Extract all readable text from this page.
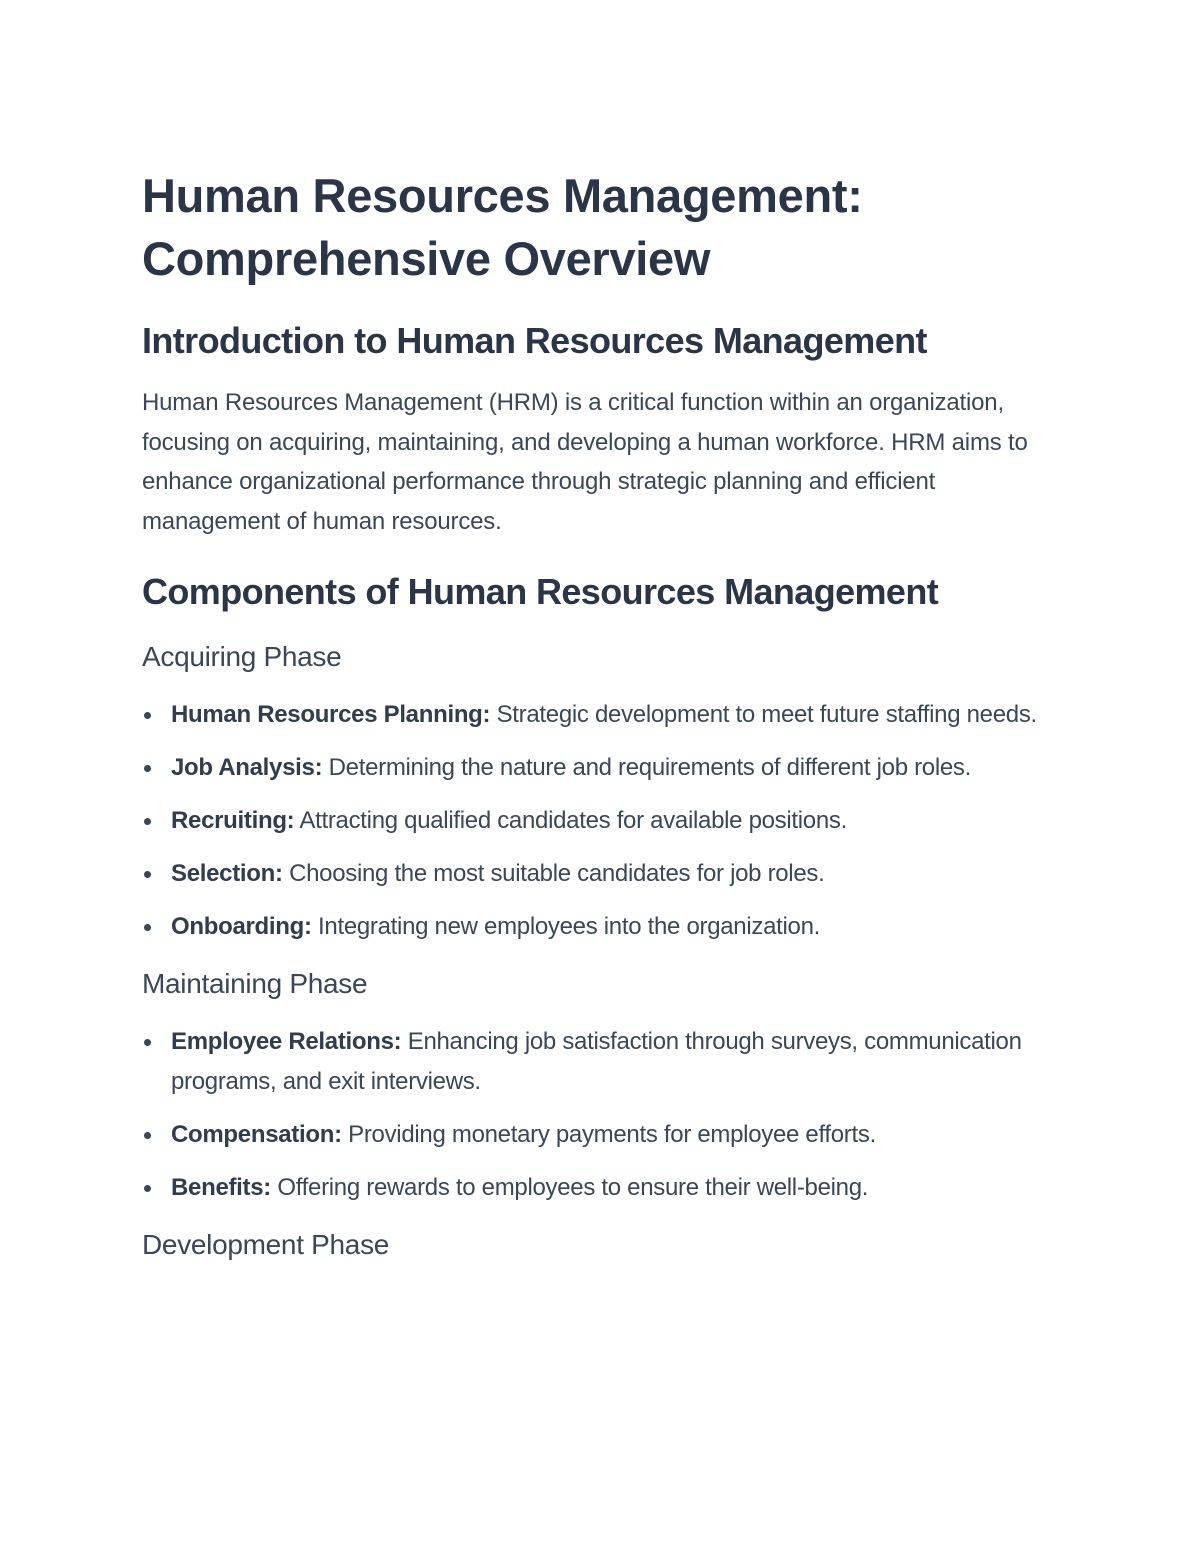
Human Resources Management: Comprehensive Overview
Introduction to Human Resources Management

Human Resources Management (HRM) is a critical function within an organization, focusing on acquiring, maintaining, and developing a human workforce. HRM aims to enhance organizational performance through strategic planning and efficient management of human resources.

Components of Human Resources Management
Acquiring Phase
Human Resources Planning: Strategic development to meet future staffing needs.
Job Analysis: Determining the nature and requirements of different job roles.
Recruiting: Attracting qualified candidates for available positions.
Selection: Choosing the most suitable candidates for job roles.
Onboarding: Integrating new employees into the organization.
Maintaining Phase
Employee Relations: Enhancing job satisfaction through surveys, communication programs, and exit interviews.
Compensation: Providing monetary payments for employee efforts.
Benefits: Offering rewards to employees to ensure their well-being.
Development Phase
